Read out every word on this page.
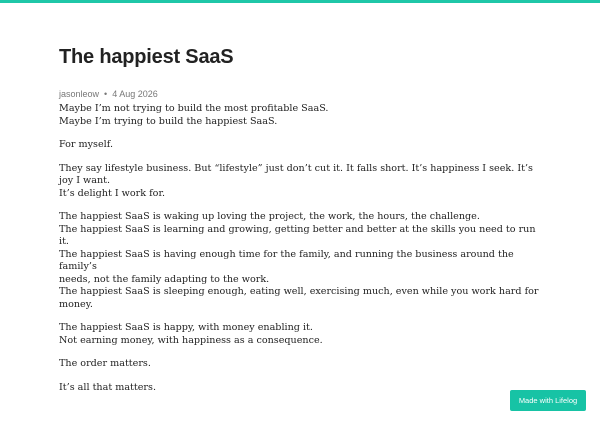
The happiest SaaS
jasonleow • 4 Aug 2026

Maybe I’m not trying to build the most profitable SaaS.
Maybe I’m trying to build the happiest SaaS.

For myself.

They say lifestyle business. But “lifestyle” just don’t cut it. It falls short. It’s happiness I seek. It’s joy I want.
It’s delight I work for.

The happiest SaaS is waking up loving the project, the work, the hours, the challenge.
The happiest SaaS is learning and growing, getting better and better at the skills you need to run it.
The happiest SaaS is having enough time for the family, and running the business around the family’s
needs, not the family adapting to the work.
The happiest SaaS is sleeping enough, eating well, exercising much, even while you work hard for money.

The happiest SaaS is happy, with money enabling it.
Not earning money, with happiness as a consequence.

The order matters.

It’s all that matters.

Made with Lifelog
